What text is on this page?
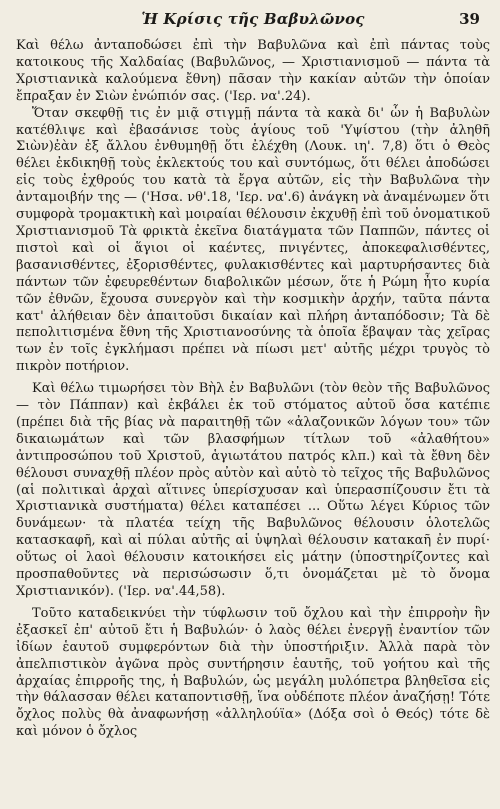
Ἡ Κρίσις τῆς Βαβυλῶνος	39

Καὶ θέλω ἀνταποδώσει ἐπὶ τὴν Βαβυλῶνα καὶ ἐπὶ πάντας τοὺς κατοικους τῆς Χαλδαίας (Βαβυλῶνος, — Χριστιανισμοῦ — πάντα τὰ Χριστιανικὰ καλούμενα ἔθνη) πᾶσαν τὴν κακίαν αὐτῶν τὴν ὁποίαν ἔπραξαν ἐν Σιὼν ἐνώπιόν σας. ('Ιερ. να'.24).

Ὅταν σκεφθῇ τις ἐν μιᾷ στιγμῇ πάντα τὰ κακὰ δι' ὧν ἡ Βαβυλὼν κατέθλιψε καὶ ἐβασάνισε τοὺς ἁγίους τοῦ 'Υψίστου (τὴν ἀληθῆ Σιὼν)ἐὰν ἐξ ἄλλου ἐνθυμηθῇ ὅτι ἐλέχθη (Λουκ. ιη'. 7,8) ὅτι ὁ Θεὸς θέλει ἐκδικηθῇ τοὺς ἐκλεκτούς του καὶ συντόμως, ὅτι θέλει ἀποδώσει εἰς τοὺς ἐχθρούς του κατὰ τὰ ἔργα αὐτῶν, εἰς τὴν Βαβυλῶνα τὴν ἀνταμοιβήν της — ('Ησα. νθ'.18, 'Ιερ. να'.6) ἀνάγκη νὰ ἀναμένωμεν ὅτι συμφορὰ τρομακτικὴ καὶ μοιραίαι θέλουσιν ἐκχυθῇ ἐπὶ τοῦ ὀνοματικοῦ Χριστιανισμοῦ Τὰ φρικτὰ ἐκεῖνα διατάγματα τῶν Παππῶν, πάντες οἱ πιστοὶ καὶ οἱ ἅγιοι οἱ καέντες, πνιγέντες, ἀποκεφαλισθέντες, βασανισθέντες, ἐξορισθέντες, φυλακισθέντες καὶ μαρτυρήσαντες διὰ πάντων τῶν ἐφευρεθέντων διαβολικῶν μέσων, ὅτε ἡ Ρώμη ἦτο κυρία τῶν ἐθνῶν, ἔχουσα συνεργὸν καὶ τὴν κοσμικὴν ἀρχήν, ταῦτα πάντα κατ' ἀλήθειαν δὲν ἀπαιτοῦσι δικαίαν καὶ πλήρη ἀνταπόδοσιν; Τὰ δὲ πεπολιτισμένα ἔθνη τῆς Χριστιανοσύνης τὰ ὁποῖα ἔβαψαν τὰς χεῖρας των ἐν τοῖς ἐγκλήμασι πρέπει νὰ πίωσι μετ' αὐτῆς μέχρι τρυγὸς τὸ πικρὸν ποτήριον.

Καὶ θέλω τιμωρήσει τὸν Βὴλ ἐν Βαβυλῶνι (τὸν θεὸν τῆς Βαβυλῶνος — τὸν Πάππαν) καὶ ἐκβάλει ἐκ τοῦ στόματος αὐτοῦ ὅσα κατέπιε (πρέπει διὰ τῆς βίας νὰ παραιτηθῇ τῶν «ἀλαζονικῶν λόγων του» τῶν δικαιωμάτων καὶ τῶν βλασφήμων τίτλων τοῦ «ἀλαθήτου» ἀντιπροσώπου τοῦ Χριστοῦ, ἁγιωτάτου πατρός κλπ.) καὶ τὰ ἔθνη δὲν θέλουσι συναχθῇ πλέον πρὸς αὐτὸν καὶ αὐτὸ τὸ τεῖχος τῆς Βαβυλῶνος (αἱ πολιτικαὶ ἀρχαὶ αἵτινες ὑπερίσχυσαν καὶ ὑπερασπίζουσιν ἔτι τὰ Χριστιανικὰ συστήματα) θέλει καταπέσει ... Οὕτω λέγει Κύριος τῶν δυνάμεων· τὰ πλατέα τείχη τῆς Βαβυλῶνος θέλουσιν ὁλοτελῶς κατασκαφῆ, καὶ αἱ πύλαι αὐτῆς αἱ ὑψηλαὶ θέλουσιν κατακαῆ ἐν πυρί· οὕτως οἱ λαοὶ θέλουσιν κατοικήσει εἰς μάτην (ὑποστηρίζοντες καὶ προσπαθοῦντες νὰ περισώσωσιν ὅ,τι ὀνομάζεται μὲ τὸ ὄνομα Χριστιανικόν). ('Ιερ. να'.44,58).

Τοῦτο καταδεικνύει τὴν τύφλωσιν τοῦ ὄχλου καὶ τὴν ἐπιρροὴν ἣν ἐξασκεῖ ἐπ' αὐτοῦ ἔτι ἡ Βαβυλών· ὁ λαὸς θέλει ἐνεργῇ ἐναντίον τῶν ἰδίων ἑαυτοῦ συμφερόντων διὰ τὴν ὑποστήριξιν. Ἀλλὰ παρὰ τὸν ἀπελπιστικὸν ἀγῶνα πρὸς συντήρησιν ἑαυτῆς, τοῦ γοήτου καὶ τῆς ἀρχαίας ἐπιρροῆς της, ἡ Βαβυλών, ὡς μεγάλη μυλόπετρα βληθεῖσα εἰς τὴν θάλασσαν θέλει καταποντισθῇ, ἵνα οὐδέποτε πλέον ἀναζήσῃ! Τότε ὄχλος πολὺς θὰ ἀναφωνήσῃ «ἀλληλούϊα» (Δόξα σοὶ ὁ Θεός) τότε δὲ καὶ μόνον ὁ ὄχλος
